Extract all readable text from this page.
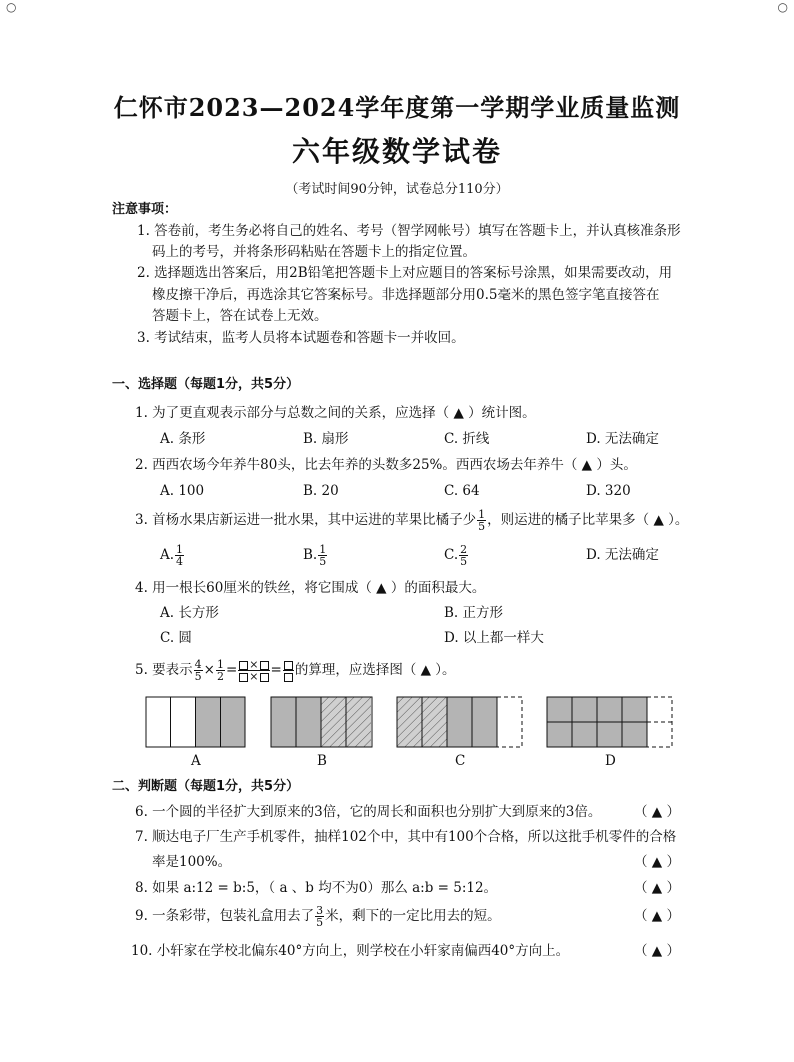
○	○
仁怀市2023—2024学年度第一学期学业质量监测
六年级数学试卷
（考试时间90分钟，试卷总分110分）
注意事项：
1. 答卷前，考生务必将自己的姓名、考号（智学网帐号）填写在答题卡上，并认真核准条形
码上的考号，并将条形码粘贴在答题卡上的指定位置。
2. 选择题选出答案后，用2B铅笔把答题卡上对应题目的答案标号涂黑，如果需要改动，用
橡皮擦干净后，再选涂其它答案标号。非选择题部分用0.5毫米的黑色签字笔直接答在
答题卡上，答在试卷上无效。
3. 考试结束，监考人员将本试题卷和答题卡一并收回。
一、选择题（每题1分，共5分）
1. 为了更直观表示部分与总数之间的关系，应选择（ ▲ ）统计图。
A. 条形	B. 扇形	C. 折线	D. 无法确定
2. 西西农场今年养牛80头，比去年养的头数多25%。西西农场去年养牛（ ▲ ）头。
A. 100	B. 20	C. 64	D. 320
3. 首杨水果店新运进一批水果，其中运进的苹果比橘子少 $\frac{1}{5}$ ，则运进的橘子比苹果多（ ▲ ）。
A. $\frac{1}{4}$	B. $\frac{1}{5}$	C. $\frac{2}{5}$	D. 无法确定
4. 用一根长60厘米的铁丝，将它围成（ ▲ ）的面积最大。
A. 长方形	B. 正方形
C. 圆	D. 以上都一样大
5. 要表示 $\frac{4}{5} \times \frac{1}{2} = \frac{\times}{\times}$ = 的算理，应选择图（ ▲ ）。
A	B	C	D
二、判断题（每题1分，共5分）
6. 一个圆的半径扩大到原来的3倍，它的周长和面积也分别扩大到原来的3倍。 （ ▲ ）
7. 顺达电子厂生产手机零件，抽样102个中，其中有100个合格，所以这批手机零件的合格
率是100%。	（ ▲ ）
8. 如果 a:12 = b:5，（ a 、b 均不为0）那么 a:b = 5:12。	（ ▲ ）
9. 一条彩带，包装礼盒用去了 $\frac{3}{5}$ 米，剩下的一定比用去的短。	（ ▲ ）
10. 小轩家在学校北偏东40°方向上，则学校在小轩家南偏西40°方向上。	（ ▲ ）
